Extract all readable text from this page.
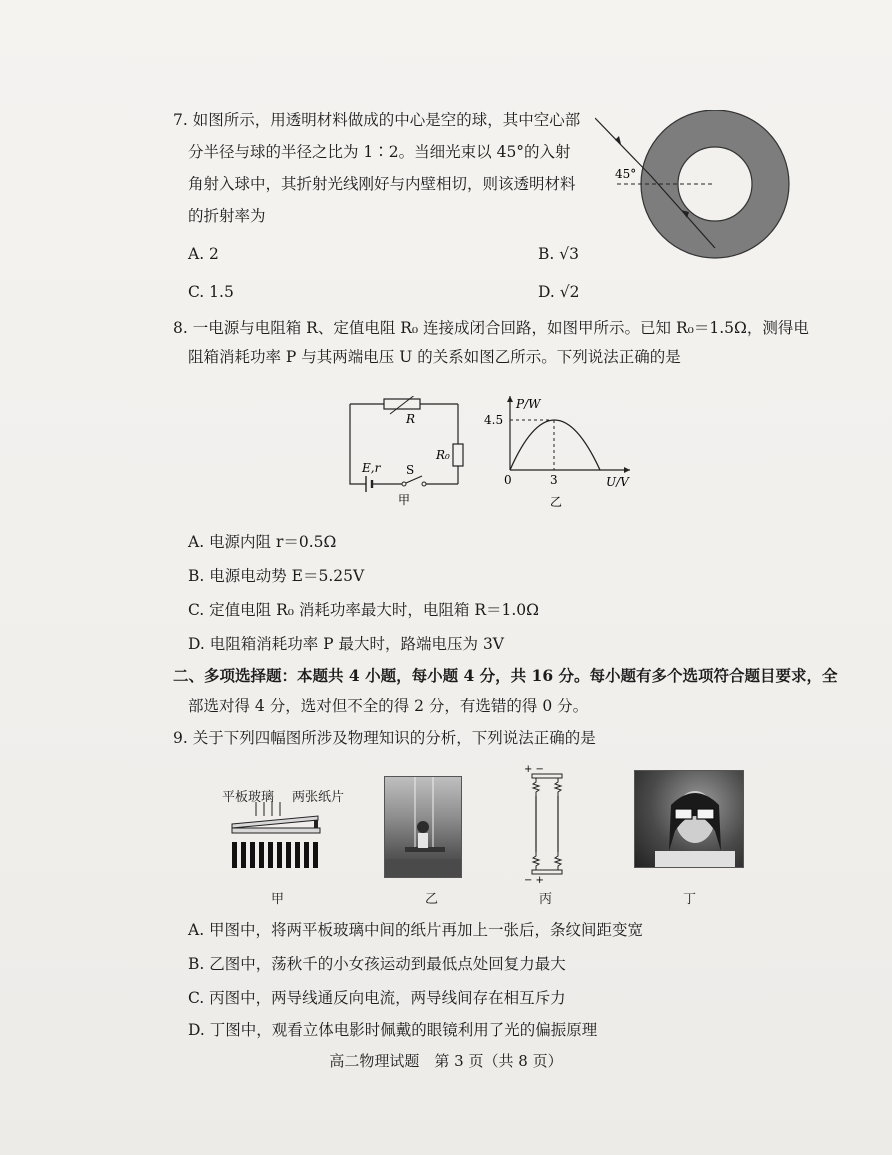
7. 如图所示，用透明材料做成的中心是空的球，其中空心部
分半径与球的半径之比为 1∶2。当细光束以 45°的入射
角射入球中，其折射光线刚好与内壁相切，则该透明材料
的折射率为
A. 2	B. √3
C. 1.5	D. √2
45°
8. 一电源与电阻箱 R、定值电阻 R₀ 连接成闭合回路，如图甲所示。已知 R₀＝1.5Ω，测得电
阻箱消耗功率 P 与其两端电压 U 的关系如图乙所示。下列说法正确的是
R
R₀
E,r S
甲
P/W
U/V
4.5
3
0
乙
A. 电源内阻 r＝0.5Ω
B. 电源电动势 E＝5.25V
C. 定值电阻 R₀ 消耗功率最大时，电阻箱 R＝1.0Ω
D. 电阻箱消耗功率 P 最大时，路端电压为 3V
二、多项选择题：本题共 4 小题，每小题 4 分，共 16 分。每小题有多个选项符合题目要求，全
部选对得 4 分，选对但不全的得 2 分，有选错的得 0 分。
9. 关于下列四幅图所涉及物理知识的分析，下列说法正确的是
平板玻璃 两张纸片
甲	乙
+ −
− +
丙	丁
A. 甲图中，将两平板玻璃中间的纸片再加上一张后，条纹间距变宽
B. 乙图中，荡秋千的小女孩运动到最低点处回复力最大
C. 丙图中，两导线通反向电流，两导线间存在相互斥力
D. 丁图中，观看立体电影时佩戴的眼镜利用了光的偏振原理
高二物理试题　第 3 页（共 8 页）
